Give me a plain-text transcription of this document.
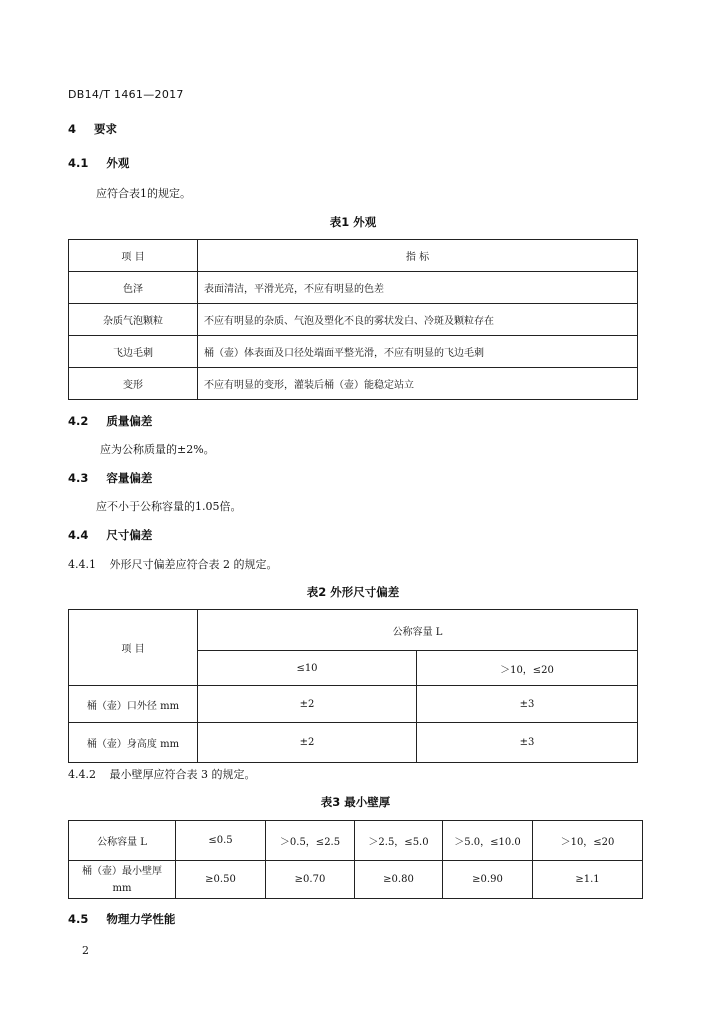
DB14/T 1461—2017
4 要求
4.1 外观
应符合表1的规定。
表1 外观
项 目	指 标
色泽	表面清洁，平滑光亮，不应有明显的色差
杂质气泡颗粒	不应有明显的杂质、气泡及塑化不良的雾状发白、冷斑及颗粒存在
飞边毛刺	桶（壶）体表面及口径处端面平整光滑，不应有明显的飞边毛刺
变形	不应有明显的变形，灌装后桶（壶）能稳定站立
4.2 质量偏差
应为公称质量的±2%。
4.3 容量偏差
应不小于公称容量的1.05倍。
4.4 尺寸偏差
4.4.1 外形尺寸偏差应符合表 2 的规定。
表2 外形尺寸偏差
项 目	公称容量 L	
	≤10	＞10，≤20
桶（壶）口外径 mm	±2	±3
桶（壶）身高度 mm	±2	±3
4.4.2 最小壁厚应符合表 3 的规定。
表3 最小壁厚
公称容量 L	≤0.5	＞0.5，≤2.5	＞2.5，≤5.0	＞5.0，≤10.0	＞10，≤20

桶（壶）最小壁厚
mm	≥0.50	≥0.70	≥0.80	≥0.90	≥1.1
4.5 物理力学性能
2
